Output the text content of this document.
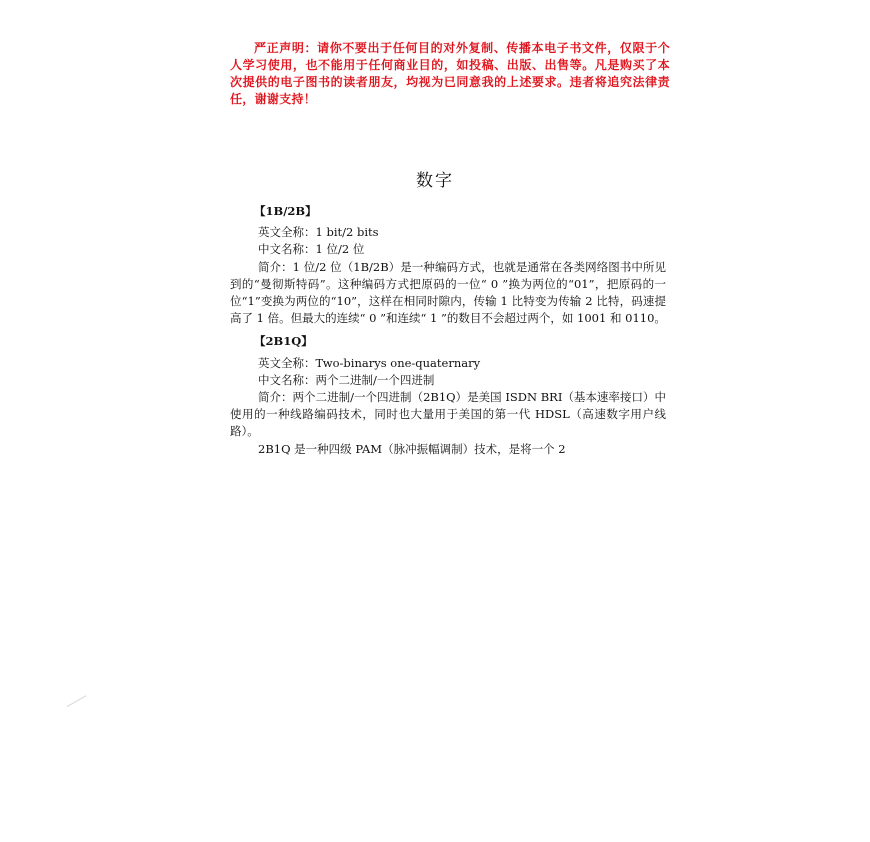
严正声明：请你不要出于任何目的对外复制、传播本电子书文件，仅限于个人学习使用，也不能用于任何商业目的，如投稿、出版、出售等。凡是购买了本次提供的电子图书的读者朋友，均视为已同意我的上述要求。违者将追究法律责任，谢谢支持！
数字

【1B/2B】

英文全称：1 bit/2 bits

中文名称：1 位/2 位

简介：1 位/2 位（1B/2B）是一种编码方式，也就是通常在各类网络图书中所见到的“曼彻斯特码”。这种编码方式把原码的一位“ 0 ”换为两位的“01”，把原码的一位“1”变换为两位的“10”，这样在相同时隙内，传输 1 比特变为传输 2 比特，码速提高了 1 倍。但最大的连续“ 0 ”和连续“ 1 ”的数目不会超过两个，如 1001 和 0110。

【2B1Q】

英文全称：Two-binarys one-quaternary

中文名称：两个二进制/一个四进制

简介：两个二进制/一个四进制（2B1Q）是美国 ISDN BRI（基本速率接口）中使用的一种线路编码技术，同时也大量用于美国的第一代 HDSL（高速数字用户线路）。

2B1Q 是一种四级 PAM（脉冲振幅调制）技术，是将一个 2
